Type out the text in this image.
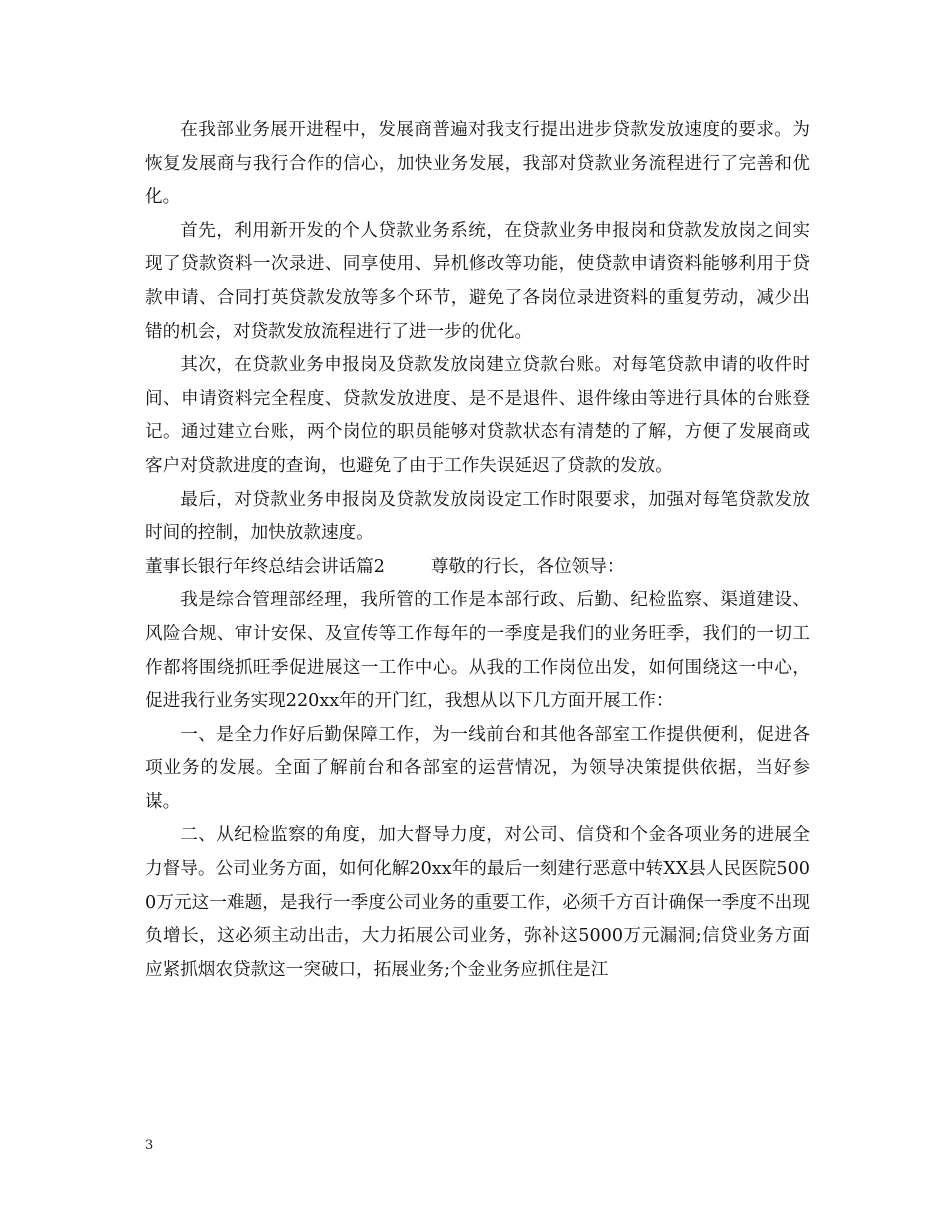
在我部业务展开进程中，发展商普遍对我支行提出进步贷款发放速度的要求。为恢复发展商与我行合作的信心，加快业务发展，我部对贷款业务流程进行了完善和优化。

首先，利用新开发的个人贷款业务系统，在贷款业务申报岗和贷款发放岗之间实现了贷款资料一次录进、同享使用、异机修改等功能，使贷款申请资料能够利用于贷款申请、合同打英贷款发放等多个环节，避免了各岗位录进资料的重复劳动，减少出错的机会，对贷款发放流程进行了进一步的优化。

其次，在贷款业务申报岗及贷款发放岗建立贷款台账。对每笔贷款申请的收件时间、申请资料完全程度、贷款发放进度、是不是退件、退件缘由等进行具体的台账登记。通过建立台账，两个岗位的职员能够对贷款状态有清楚的了解，方便了发展商或客户对贷款进度的查询，也避免了由于工作失误延迟了贷款的发放。

最后，对贷款业务申报岗及贷款发放岗设定工作时限要求，加强对每笔贷款发放时间的控制，加快放款速度。

董事长银行年终总结会讲话篇2	尊敬的行长，各位领导：

我是综合管理部经理，我所管的工作是本部行政、后勤、纪检监察、渠道建设、风险合规、审计安保、及宣传等工作每年的一季度是我们的业务旺季，我们的一切工作都将围绕抓旺季促进展这一工作中心。从我的工作岗位出发，如何围绕这一中心，促进我行业务实现220xx年的开门红，我想从以下几方面开展工作：

一、是全力作好后勤保障工作，为一线前台和其他各部室工作提供便利，促进各项业务的发展。全面了解前台和各部室的运营情况，为领导决策提供依据，当好参谋。

二、从纪检监察的角度，加大督导力度，对公司、信贷和个金各项业务的进展全力督导。公司业务方面，如何化解20xx年的最后一刻建行恶意中转XX县人民医院5000万元这一难题，是我行一季度公司业务的重要工作，必须千方百计确保一季度不出现负增长，这必须主动出击，大力拓展公司业务，弥补这5000万元漏洞;信贷业务方面应紧抓烟农贷款这一突破口，拓展业务;个金业务应抓住是江

3
